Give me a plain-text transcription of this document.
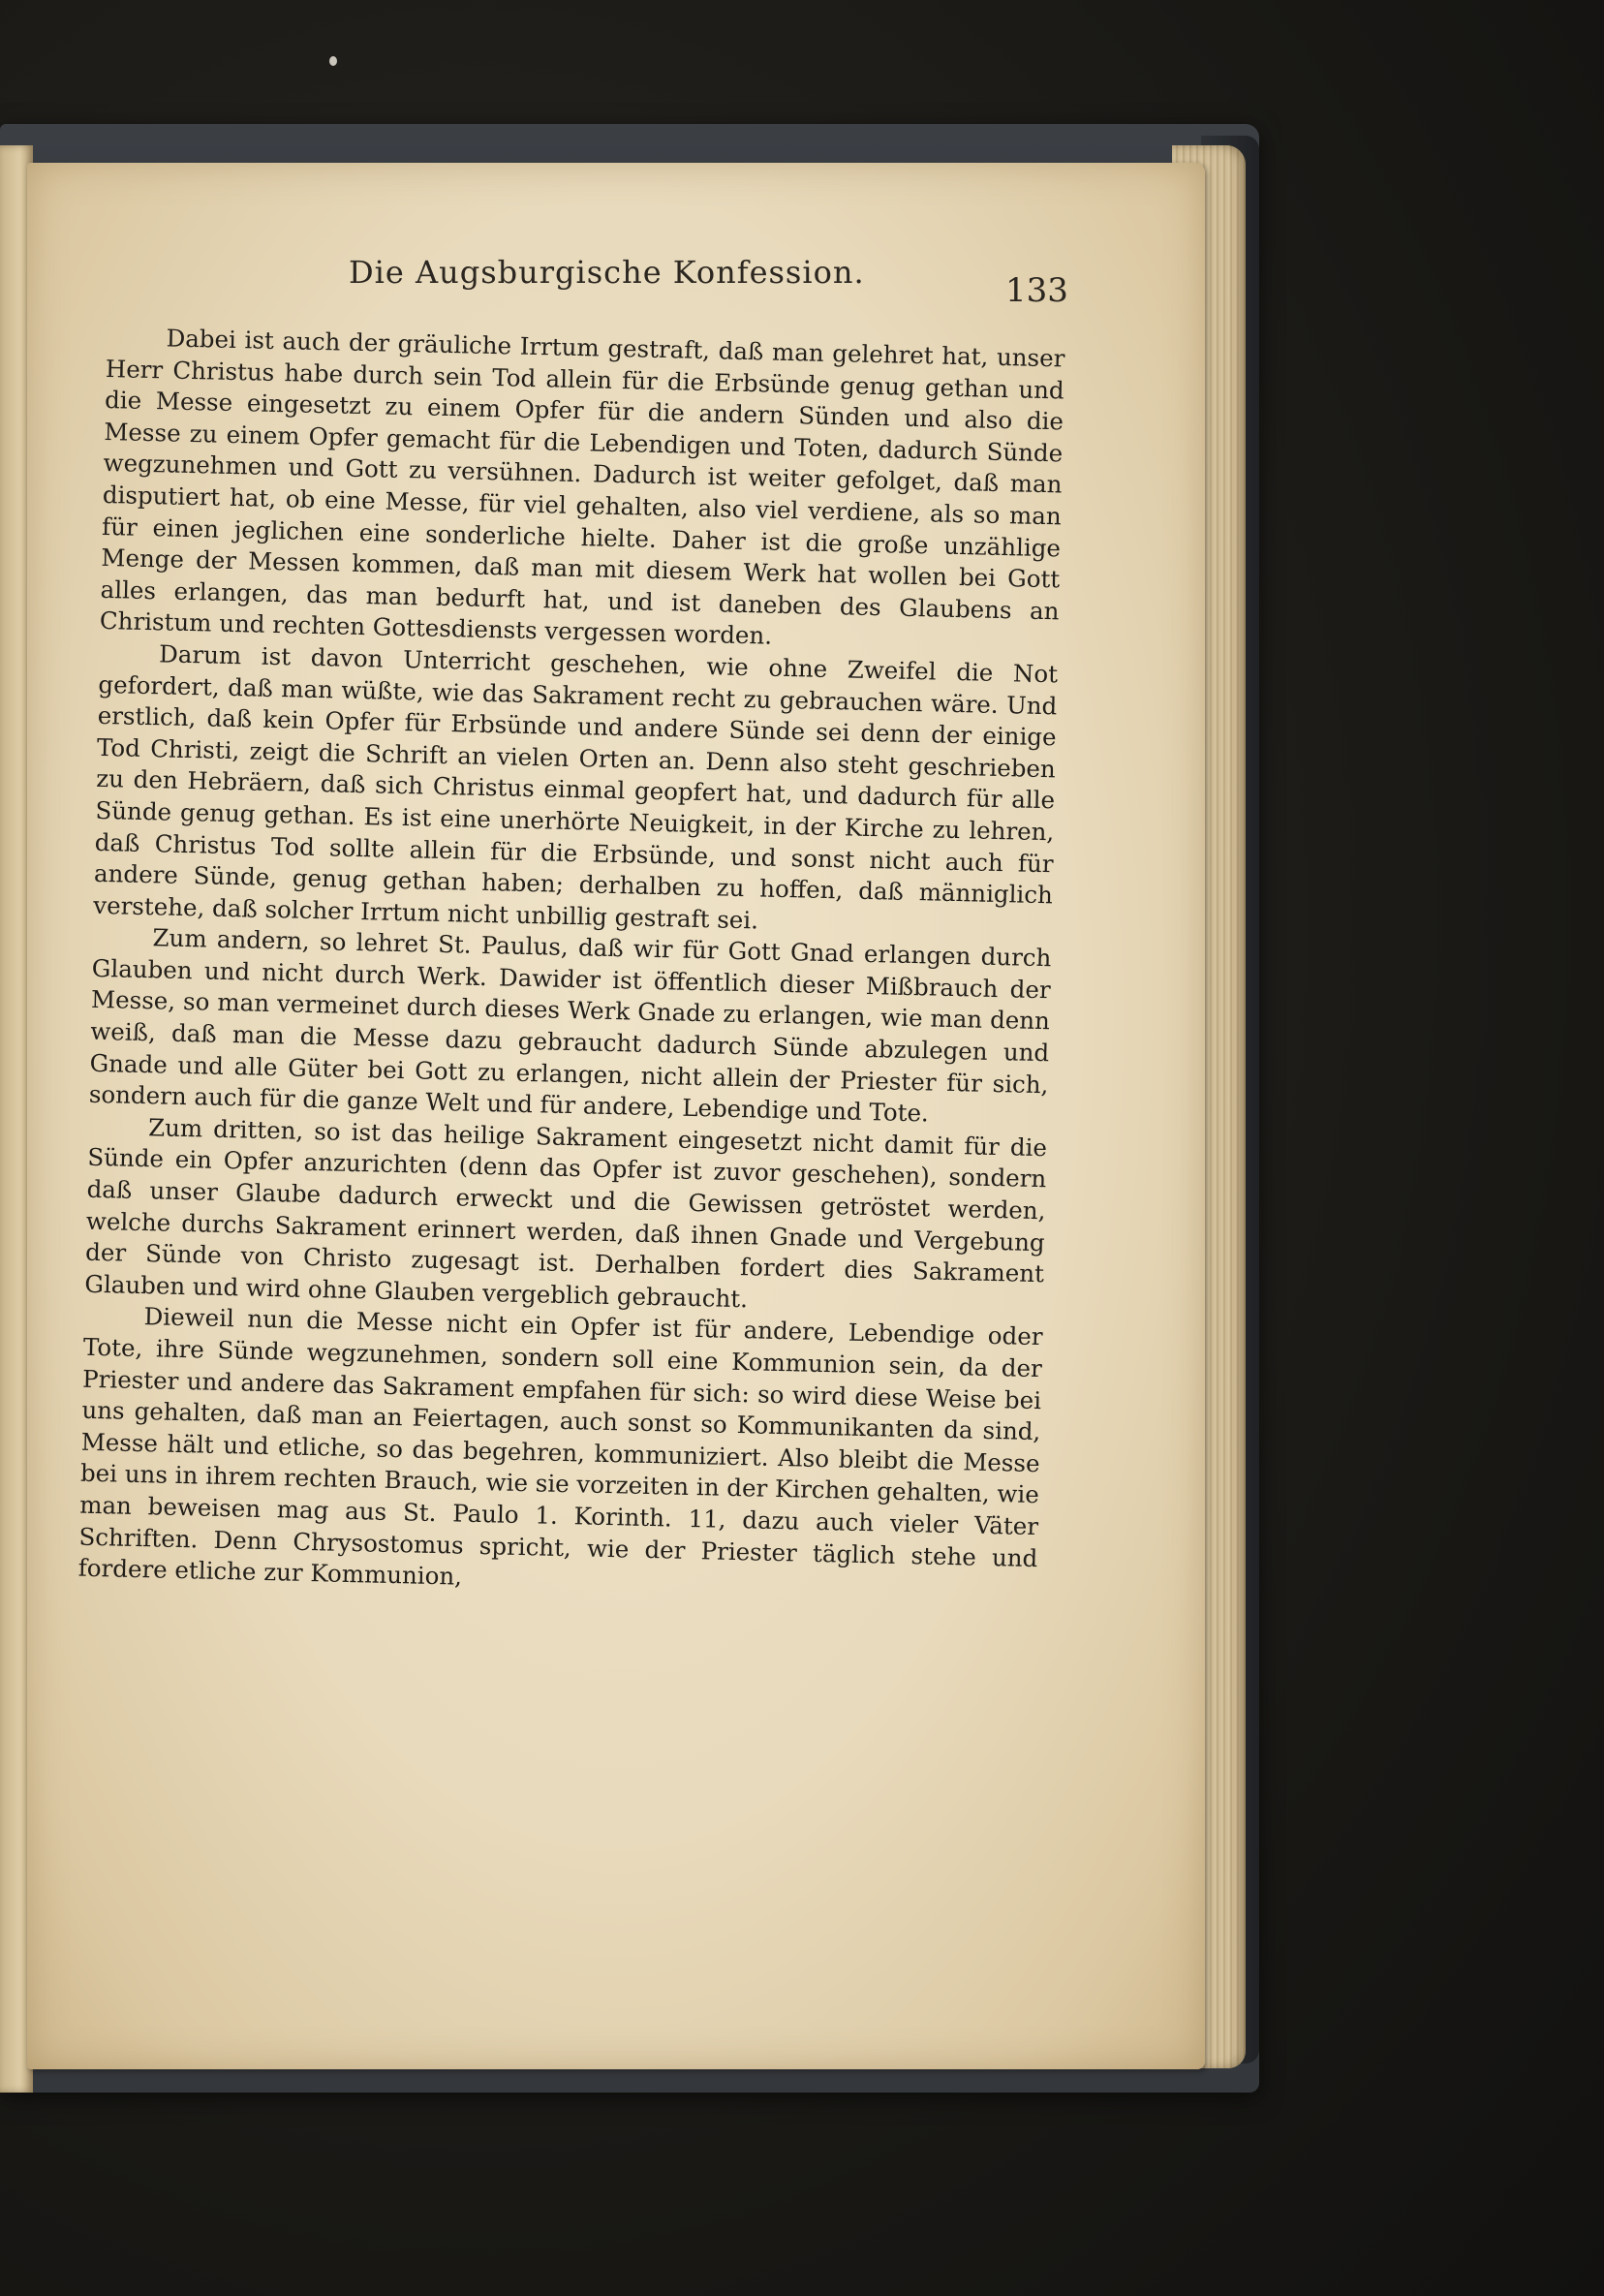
Die Augsburgische Konfession.	133

Dabei ist auch der gräuliche Irrtum gestraft, daß man gelehret hat, unser Herr Christus habe durch sein Tod allein für die Erbsünde genug gethan und die Messe eingesetzt zu einem Opfer für die andern Sünden und also die Messe zu einem Opfer gemacht für die Lebendigen und Toten, dadurch Sünde wegzunehmen und Gott zu versühnen. Dadurch ist weiter gefolget, daß man disputiert hat, ob eine Messe, für viel gehalten, also viel verdiene, als so man für einen jeglichen eine sonderliche hielte. Daher ist die große unzählige Menge der Messen kommen, daß man mit diesem Werk hat wollen bei Gott alles erlangen, das man bedurft hat, und ist daneben des Glaubens an Christum und rechten Gottesdiensts vergessen worden.

Darum ist davon Unterricht geschehen, wie ohne Zweifel die Not gefordert, daß man wüßte, wie das Sakrament recht zu gebrauchen wäre. Und erstlich, daß kein Opfer für Erbsünde und andere Sünde sei denn der einige Tod Christi, zeigt die Schrift an vielen Orten an. Denn also steht geschrieben zu den Hebräern, daß sich Christus einmal geopfert hat, und dadurch für alle Sünde genug gethan. Es ist eine unerhörte Neuigkeit, in der Kirche zu lehren, daß Christus Tod sollte allein für die Erbsünde, und sonst nicht auch für andere Sünde, genug gethan haben; derhalben zu hoffen, daß männiglich verstehe, daß solcher Irrtum nicht unbillig gestraft sei.

Zum andern, so lehret St. Paulus, daß wir für Gott Gnad erlangen durch Glauben und nicht durch Werk. Dawider ist öffentlich dieser Mißbrauch der Messe, so man vermeinet durch dieses Werk Gnade zu erlangen, wie man denn weiß, daß man die Messe dazu gebraucht dadurch Sünde abzulegen und Gnade und alle Güter bei Gott zu erlangen, nicht allein der Priester für sich, sondern auch für die ganze Welt und für andere, Lebendige und Tote.

Zum dritten, so ist das heilige Sakrament eingesetzt nicht damit für die Sünde ein Opfer anzurichten (denn das Opfer ist zuvor geschehen), sondern daß unser Glaube dadurch erweckt und die Gewissen getröstet werden, welche durchs Sakrament erinnert werden, daß ihnen Gnade und Vergebung der Sünde von Christo zugesagt ist. Derhalben fordert dies Sakrament Glauben und wird ohne Glauben vergeblich gebraucht.

Dieweil nun die Messe nicht ein Opfer ist für andere, Lebendige oder Tote, ihre Sünde wegzunehmen, sondern soll eine Kommunion sein, da der Priester und andere das Sakrament empfahen für sich: so wird diese Weise bei uns gehalten, daß man an Feiertagen, auch sonst so Kommunikanten da sind, Messe hält und etliche, so das begehren, kommuniziert. Also bleibt die Messe bei uns in ihrem rechten Brauch, wie sie vorzeiten in der Kirchen gehalten, wie man beweisen mag aus St. Paulo 1. Korinth. 11, dazu auch vieler Väter Schriften. Denn Chrysostomus spricht, wie der Priester täglich stehe und fordere etliche zur Kommunion,
